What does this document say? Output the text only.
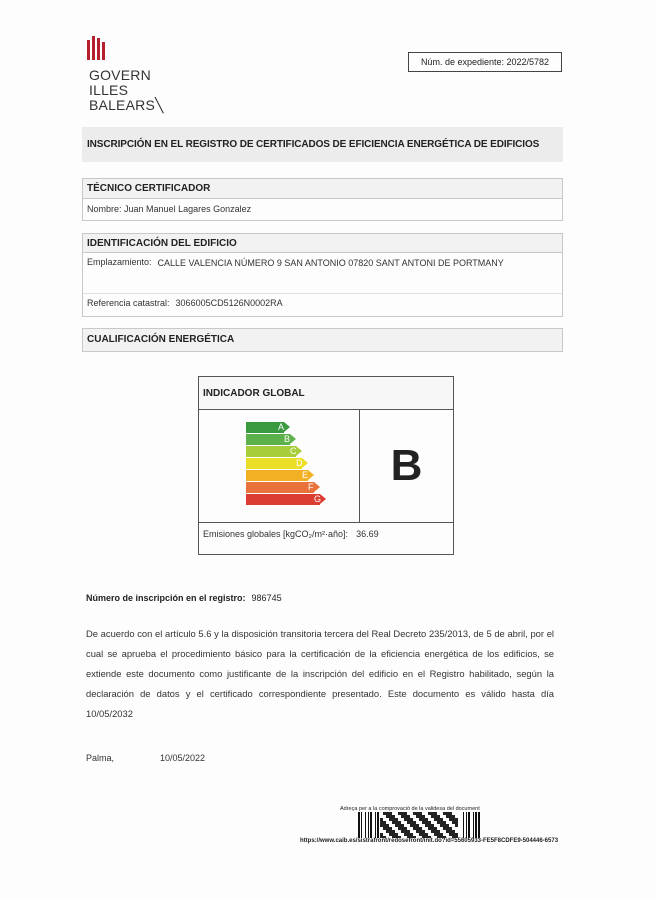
GOVERN
ILLES
BALEARS╲
Núm. de expediente: 2022/5782
INSCRIPCIÓN EN EL REGISTRO DE CERTIFICADOS DE EFICIENCIA ENERGÉTICA DE EDIFICIOS
TÉCNICO CERTIFICADOR
Nombre: Juan Manuel Lagares Gonzalez
IDENTIFICACIÓN DEL EDIFICIO
Emplazamiento: CALLE VALENCIA NÚMERO 9 SAN ANTONIO 07820 SANT ANTONI DE PORTMANY
Referencia catastral: 3066005CD5126N0002RA
CUALIFICACIÓN ENERGÉTICA
INDICADOR GLOBAL
A
B
C
D
E
F
G
B
Emisiones globales [kgCO₂/m²·año]: 36.69
Número de inscripción en el registro: 986745
De acuerdo con el artículo 5.6 y la disposición transitoria tercera del Real Decreto 235/2013, de 5 de abril, por el cual se aprueba el procedimiento básico para la certificación de la eficiencia energética de los edificios, se extiende este documento como justificante de la inscripción del edificio en el Registro habilitado, según la declaración de datos y el certificado correspondiente presentado. Este documento es válido hasta día 10/05/2032
Palma,	10/05/2022
Adreça per a la comprovació de la validesa del document
https://www.caib.es/sistrafront/redosefront/init.do?id=55605933-FE5F8CDFE9-504446-6573
